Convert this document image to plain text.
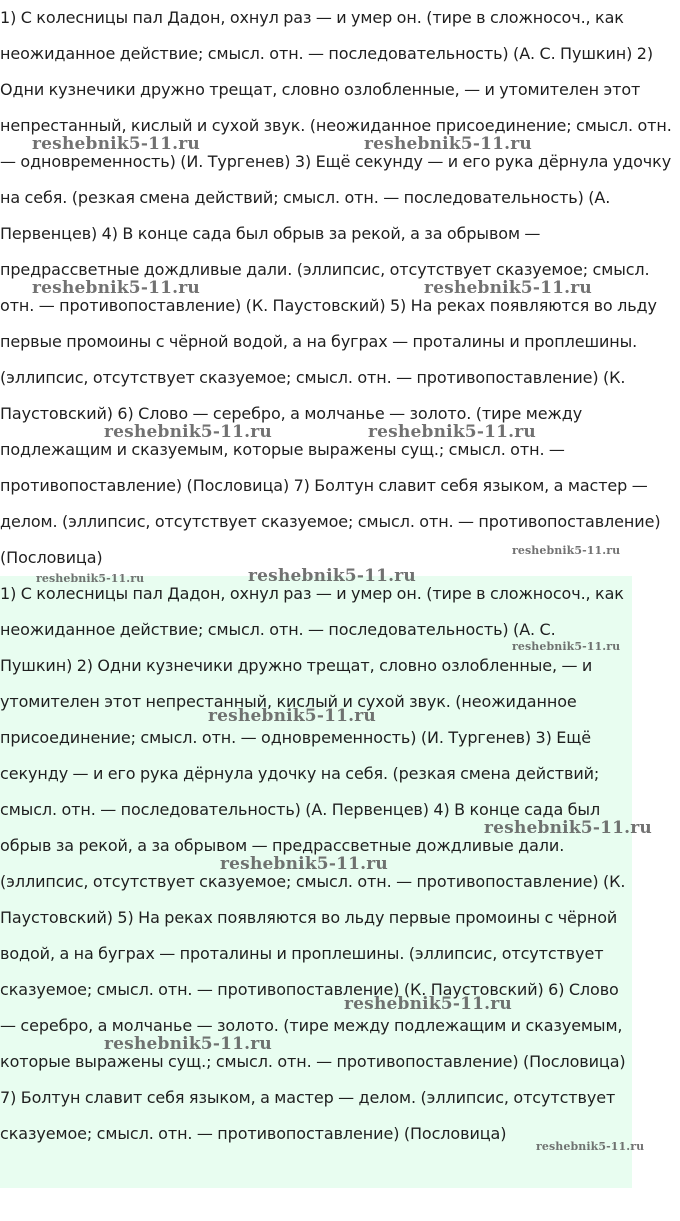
1) С колесницы пал Дадон, охнул раз — и умер он. (тире в сложносоч., как неожиданное действие; смысл. отн. — последовательность) (А. С. Пушкин) 2) Одни кузнечики дружно трещат, словно озлобленные, — и утомителен этот непрестанный, кислый и сухой звук. (неожиданное присоединение; смысл. отн. — одновременность) (И. Тургенев) 3) Ещё секунду — и его рука дёрнула удочку на себя. (резкая смена действий; смысл. отн. — последовательность) (А. Первенцев) 4) В конце сада был обрыв за рекой, а за обрывом — предрассветные дождливые дали. (эллипсис, отсутствует сказуемое; смысл. отн. — противопоставление) (К. Паустовский) 5) На реках появляются во льду первые промоины с чёрной водой, а на буграх — проталины и проплешины. (эллипсис, отсутствует сказуемое; смысл. отн. — противопоставление) (К. Паустовский) 6) Слово — серебро, а молчанье — золото. (тире между подлежащим и сказуемым, которые выражены сущ.; смысл. отн. — противопоставление) (Пословица) 7) Болтун славит себя языком, а мастер — делом. (эллипсис, отсутствует сказуемое; смысл. отн. — противопоставление) (Пословица)

1) С колесницы пал Дадон, охнул раз — и умер он. (тире в сложносоч., как неожиданное действие; смысл. отн. — последовательность) (А. С. Пушкин) 2) Одни кузнечики дружно трещат, словно озлобленные, — и утомителен этот непрестанный, кислый и сухой звук. (неожиданное присоединение; смысл. отн. — одновременность) (И. Тургенев) 3) Ещё секунду — и его рука дёрнула удочку на себя. (резкая смена действий; смысл. отн. — последовательность) (А. Первенцев) 4) В конце сада был обрыв за рекой, а за обрывом — предрассветные дождливые дали. (эллипсис, отсутствует сказуемое; смысл. отн. — противопоставление) (К. Паустовский) 5) На реках появляются во льду первые промоины с чёрной водой, а на буграх — проталины и проплешины. (эллипсис, отсутствует сказуемое; смысл. отн. — противопоставление) (К. Паустовский) 6) Слово — серебро, а молчанье — золото. (тире между подлежащим и сказуемым, которые выражены сущ.; смысл. отн. — противопоставление) (Пословица) 7) Болтун славит себя языком, а мастер — делом. (эллипсис, отсутствует сказуемое; смысл. отн. — противопоставление) (Пословица)

reshebnik5-11.ru	reshebnik5-11.ru
reshebnik5-11.ru	reshebnik5-11.ru
reshebnik5-11.ru	reshebnik5-11.ru
reshebnik5-11.ru
reshebnik5-11.ru	reshebnik5-11.ru
reshebnik5-11.ru
reshebnik5-11.ru
reshebnik5-11.ru
reshebnik5-11.ru
reshebnik5-11.ru
reshebnik5-11.ru
reshebnik5-11.ru
